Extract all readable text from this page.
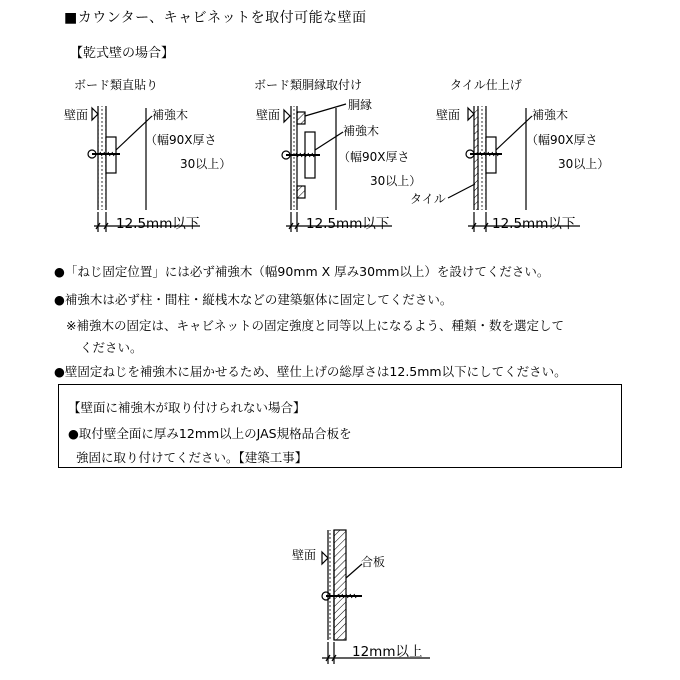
■カウンター、キャビネットを取付可能な壁面
【乾式壁の場合】
ボード類直貼り
壁面	補強木
（幅90X厚さ
30以上）
12.5mm以下
ボード類胴縁取付け
胴縁
壁面
補強木
（幅90X厚さ
30以上）
12.5mm以下
タイル仕上げ
壁面	補強木
（幅90X厚さ
30以上）
タイル
12.5mm以下
●「ねじ固定位置」には必ず補強木（幅90mm X 厚み30mm以上）を設けてください。
●補強木は必ず柱・間柱・縦桟木などの建築躯体に固定してください。
※補強木の固定は、キャビネットの固定強度と同等以上になるよう、種類・数を選定して
ください。
●壁固定ねじを補強木に届かせるため、壁仕上げの総厚さは12.5mm以下にしてください。
【壁面に補強木が取り付けられない場合】
●取付壁全面に厚み12mm以上のJAS規格品合板を
強固に取り付けてください。【建築工事】
壁面	合板
12mm以上
